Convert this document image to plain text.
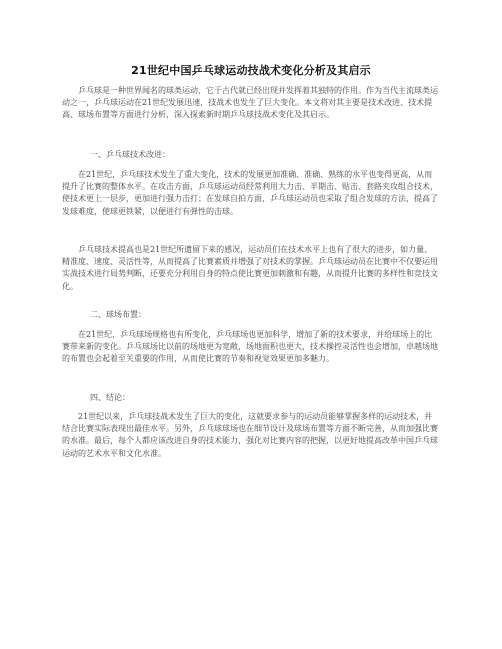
21世纪中国乒乓球运动技战术变化分析及其启示
乒乓球是一种世界闻名的球类运动，它于古代就已经出现并发挥着其独特的作用。作为当代主流球类运动之一，乒乓球运动在21世纪发展迅速，技战术也发生了巨大变化。本文将对其主要是技术改进、技术提高、球场布置等方面进行分析，深入探索新时期乒乓球技战术变化及其启示。
一、乒乓球技术改进：
在21世纪，乒乓球技术发生了重大变化，技术的发展更加准确、准确、熟练的水平也变得更高，从而提升了比赛的整体水平。在攻击方面，乒乓球运动员经常利用大力击、半期击、贴击、套路夹攻组合技术，使技术更上一层步，更加进行强力击打；在发球自拍方面，乒乓球运动员也采取了组合发球的方法，提高了发球难度，使球更铁紧，以便进行有弹性的击球。
乒乓球技术提高也是21世纪所遗留下来的感况，运动员们在技术水平上也有了很大的进步，如力量、精准度、速度、灵活性等，从而提高了比赛素质并增强了对技术的掌握。乒乓球运动员在比赛中不仅要运用实战技术进行局势判断，还要充分利用自身的特点使比赛更加刺激和有趣，从而提升比赛的多样性和竞技文化。
二、球场布置：
在21世纪，乒乓球场规格也有所变化，乒乓球场也更加科学，增加了新的技术要求，并给球场上的比赛带来新的变化。乒乓球场比以前的场地更为宽敞，场地面积也更大，技术操控灵活性也会增加，卓越场地的布置也会起着至关重要的作用，从而使比赛的节奏和视觉效果更加多魅力。
四、结论：
21世纪以来，乒乓球技战术发生了巨大的变化，这就要求参与的运动员能够掌握多样的运动技术，并结合比赛实际表现出最佳水平。另外，乒乓球球场也在细节设计及球场布置等方面不断完善，从而加强比赛的水准。最后，每个人都应该改进自身的技术能力，强化对比赛内容的把握，以更好地提高改革中国乒乓球运动的艺术水平和文化水准。
